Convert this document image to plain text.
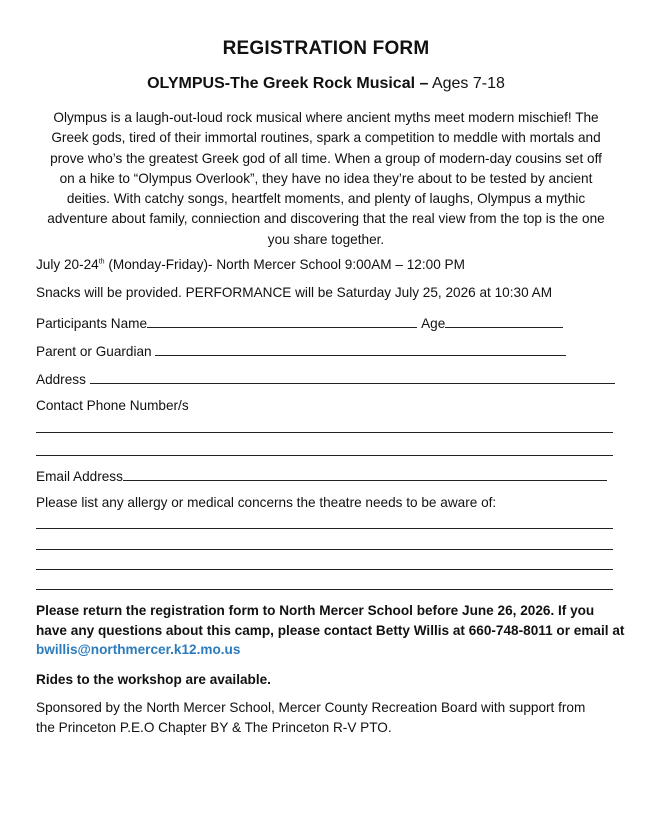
REGISTRATION FORM
OLYMPUS-The Greek Rock Musical – Ages 7-18
Olympus is a laugh-out-loud rock musical where ancient myths meet modern mischief! The
Greek gods, tired of their immortal routines, spark a competition to meddle with mortals and
prove who’s the greatest Greek god of all time. When a group of modern-day cousins set off
on a hike to “Olympus Overlook”, they have no idea they’re about to be tested by ancient
deities. With catchy songs, heartfelt moments, and plenty of laughs, Olympus a mythic
adventure about family, conniection and discovering that the real view from the top is the one
you share together.
July 20-24th (Monday-Friday)- North Mercer School 9:00AM – 12:00 PM
Snacks will be provided. PERFORMANCE will be Saturday July 25, 2026 at 10:30 AM
Participants Name	Age
Parent or Guardian
Address
Contact Phone Number/s
Email Address
Please list any allergy or medical concerns the theatre needs to be aware of:
Please return the registration form to North Mercer School before June 26, 2026. If you
have any questions about this camp, please contact Betty Willis at 660-748-8011 or email at
bwillis@northmercer.k12.mo.us
Rides to the workshop are available.
Sponsored by the North Mercer School, Mercer County Recreation Board with support from
the Princeton P.E.O Chapter BY & The Princeton R-V PTO.
